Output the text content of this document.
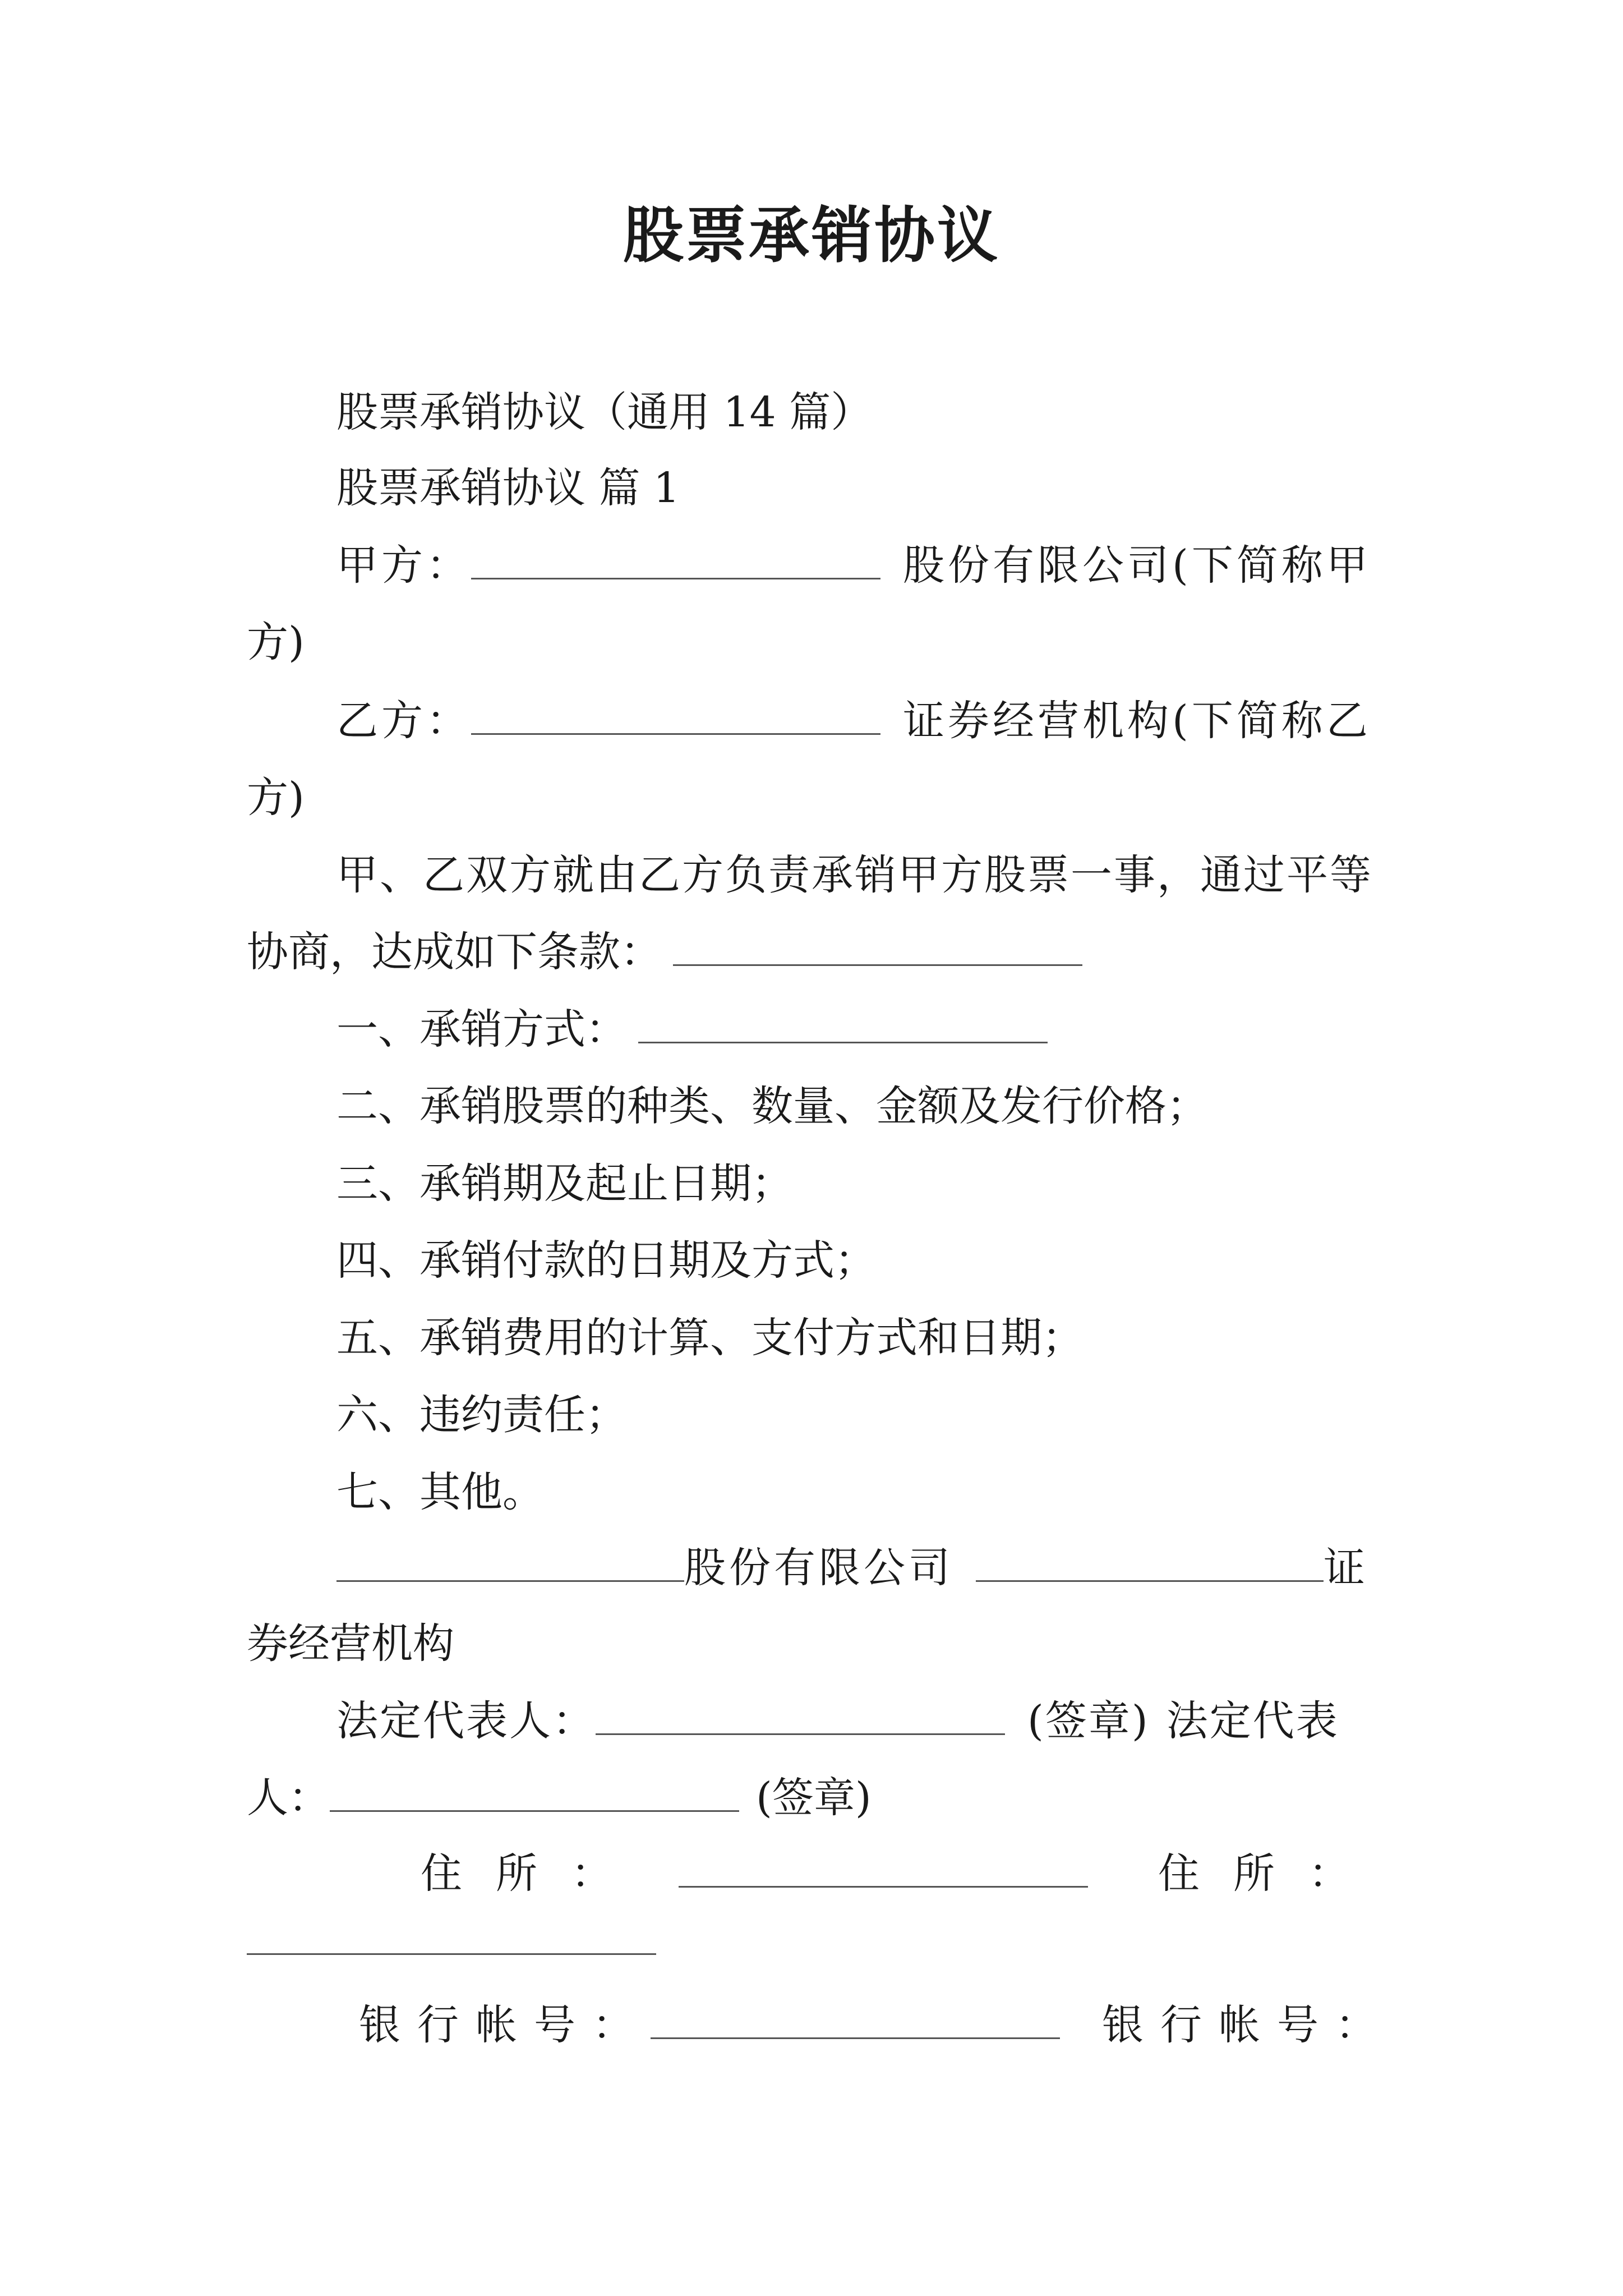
股票承销协议
股票承销协议（通用 14 篇）
股票承销协议 篇 1
甲方：	股份有限公司(下简称甲
方)
乙方：	证券经营机构(下简称乙
方)
甲、乙双方就由乙方负责承销甲方股票一事，通过平等
协商，达成如下条款：
一、承销方式：
二、承销股票的种类、数量、金额及发行价格；
三、承销期及起止日期；
四、承销付款的日期及方式；
五、承销费用的计算、支付方式和日期；
六、违约责任；
七、其他。
股份有限公司	证
券经营机构
法定代表人：	(签章) 法定代表
人：	(签章)
住所：	住所：
银行帐号：	银行帐号：
